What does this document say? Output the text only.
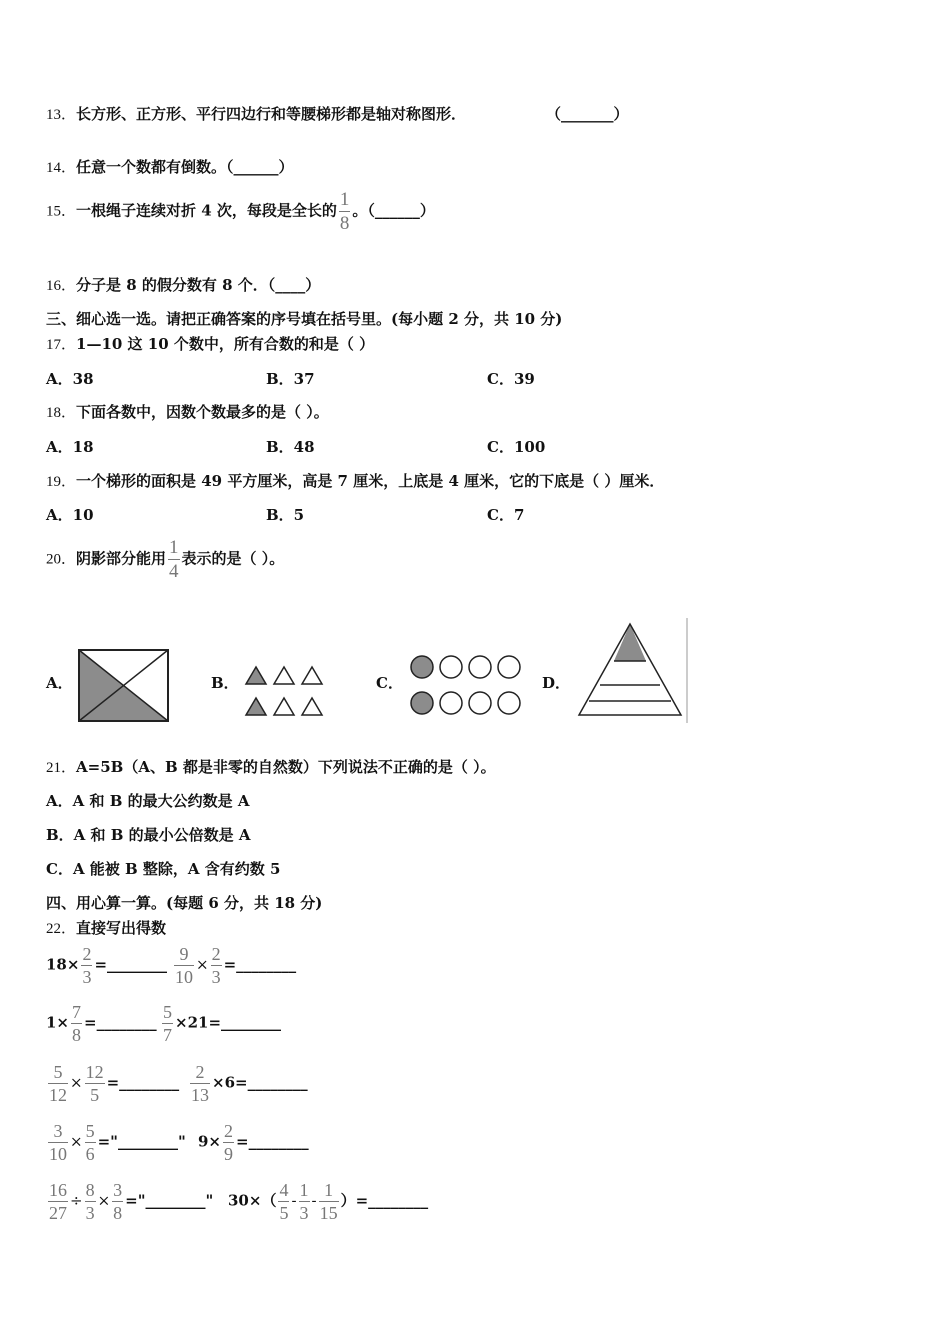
13．长方形、正方形、平行四边行和等腰梯形都是轴对称图形．	（_______）
14．任意一个数都有倒数。（______）
15．一根绳子连续对折 4 次，每段是全长的 $\frac{1}{8}$ 。（______）
16．分子是 8 的假分数有 8 个．（____）
三、细心选一选。请把正确答案的序号填在括号里。(每小题 2 分，共 10 分)
17．1—10 这 10 个数中，所有合数的和是（ ）
A．38	B．37	C．39
18．下面各数中，因数个数最多的是（ ）。
A．18	B．48	C．100
19．一个梯形的面积是 49 平方厘米，高是 7 厘米，上底是 4 厘米，它的下底是（ ）厘米．
A．10	B．5	C．7
20．阴影部分能用 $\frac{1}{4}$ 表示的是（ ）。
A．	B．	C．	D．
21．A=5B（A、B 都是非零的自然数）下列说法不正确的是（ ）。
A．A 和 B 的最大公约数是 A
B．A 和 B 的最小公倍数是 A
C．A 能被 B 整除，A 含有约数 5
四、用心算一算。(每题 6 分，共 18 分)
22．直接写出得数
$18\times \frac{2}{3}$ =________ $\frac{9}{10} \times \frac{2}{3}$ =________
$1\times \frac{7}{8}$ =________ $\frac{5}{7}$ ×21=________
$\frac{5}{12} \times \frac{12}{5}$ =________ $\frac{2}{13}$ ×6=________
$\frac{3}{10} \times \frac{5}{6}$ ="________" $9\times \frac{2}{9}$ =________
$\frac{16}{27} \div \frac{8}{3} \times \frac{3}{8}$ ="________" $30\times( \frac{4}{5} - \frac{1}{3} - \frac{1}{15}$ ）=________
